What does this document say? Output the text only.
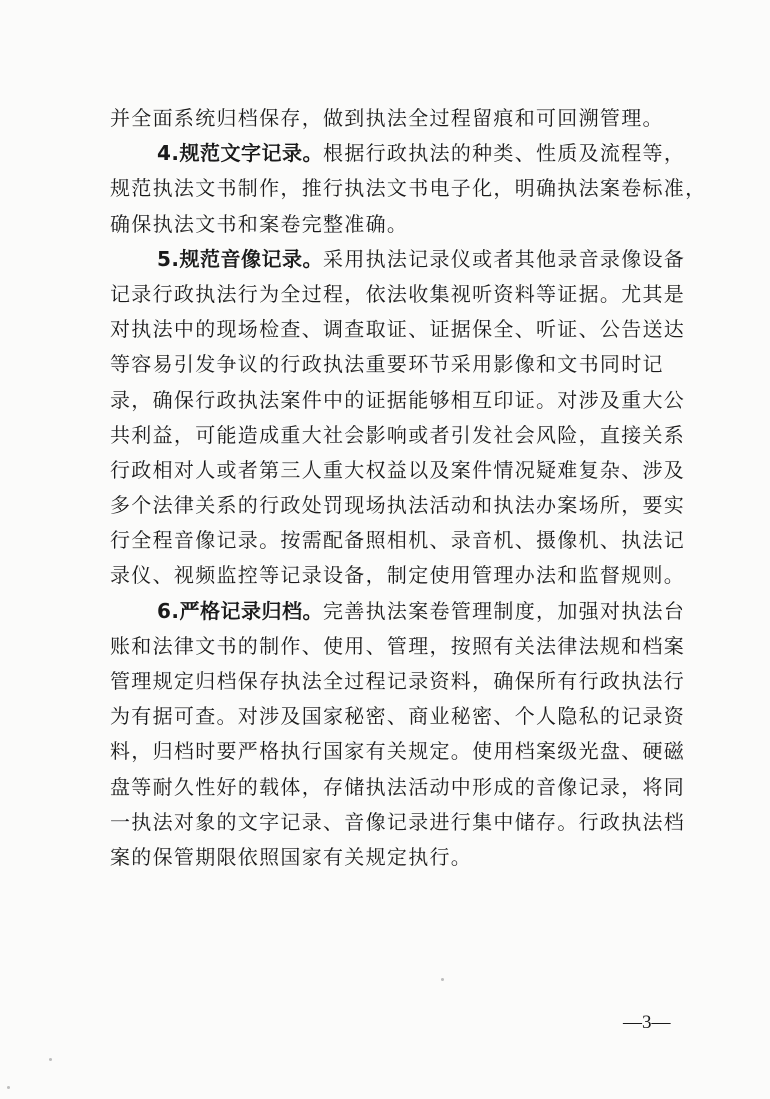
并全面系统归档保存，做到执法全过程留痕和可回溯管理。
4.规范文字记录。根据行政执法的种类、性质及流程等，
规范执法文书制作，推行执法文书电子化，明确执法案卷标准，
确保执法文书和案卷完整准确。
5.规范音像记录。采用执法记录仪或者其他录音录像设备
记录行政执法行为全过程，依法收集视听资料等证据。尤其是
对执法中的现场检查、调查取证、证据保全、听证、公告送达
等容易引发争议的行政执法重要环节采用影像和文书同时记
录，确保行政执法案件中的证据能够相互印证。对涉及重大公
共利益，可能造成重大社会影响或者引发社会风险，直接关系
行政相对人或者第三人重大权益以及案件情况疑难复杂、涉及
多个法律关系的行政处罚现场执法活动和执法办案场所，要实
行全程音像记录。按需配备照相机、录音机、摄像机、执法记
录仪、视频监控等记录设备，制定使用管理办法和监督规则。
6.严格记录归档。完善执法案卷管理制度，加强对执法台
账和法律文书的制作、使用、管理，按照有关法律法规和档案
管理规定归档保存执法全过程记录资料，确保所有行政执法行
为有据可查。对涉及国家秘密、商业秘密、个人隐私的记录资
料，归档时要严格执行国家有关规定。使用档案级光盘、硬磁
盘等耐久性好的载体，存储执法活动中形成的音像记录，将同
一执法对象的文字记录、音像记录进行集中储存。行政执法档
案的保管期限依照国家有关规定执行。
—3—
